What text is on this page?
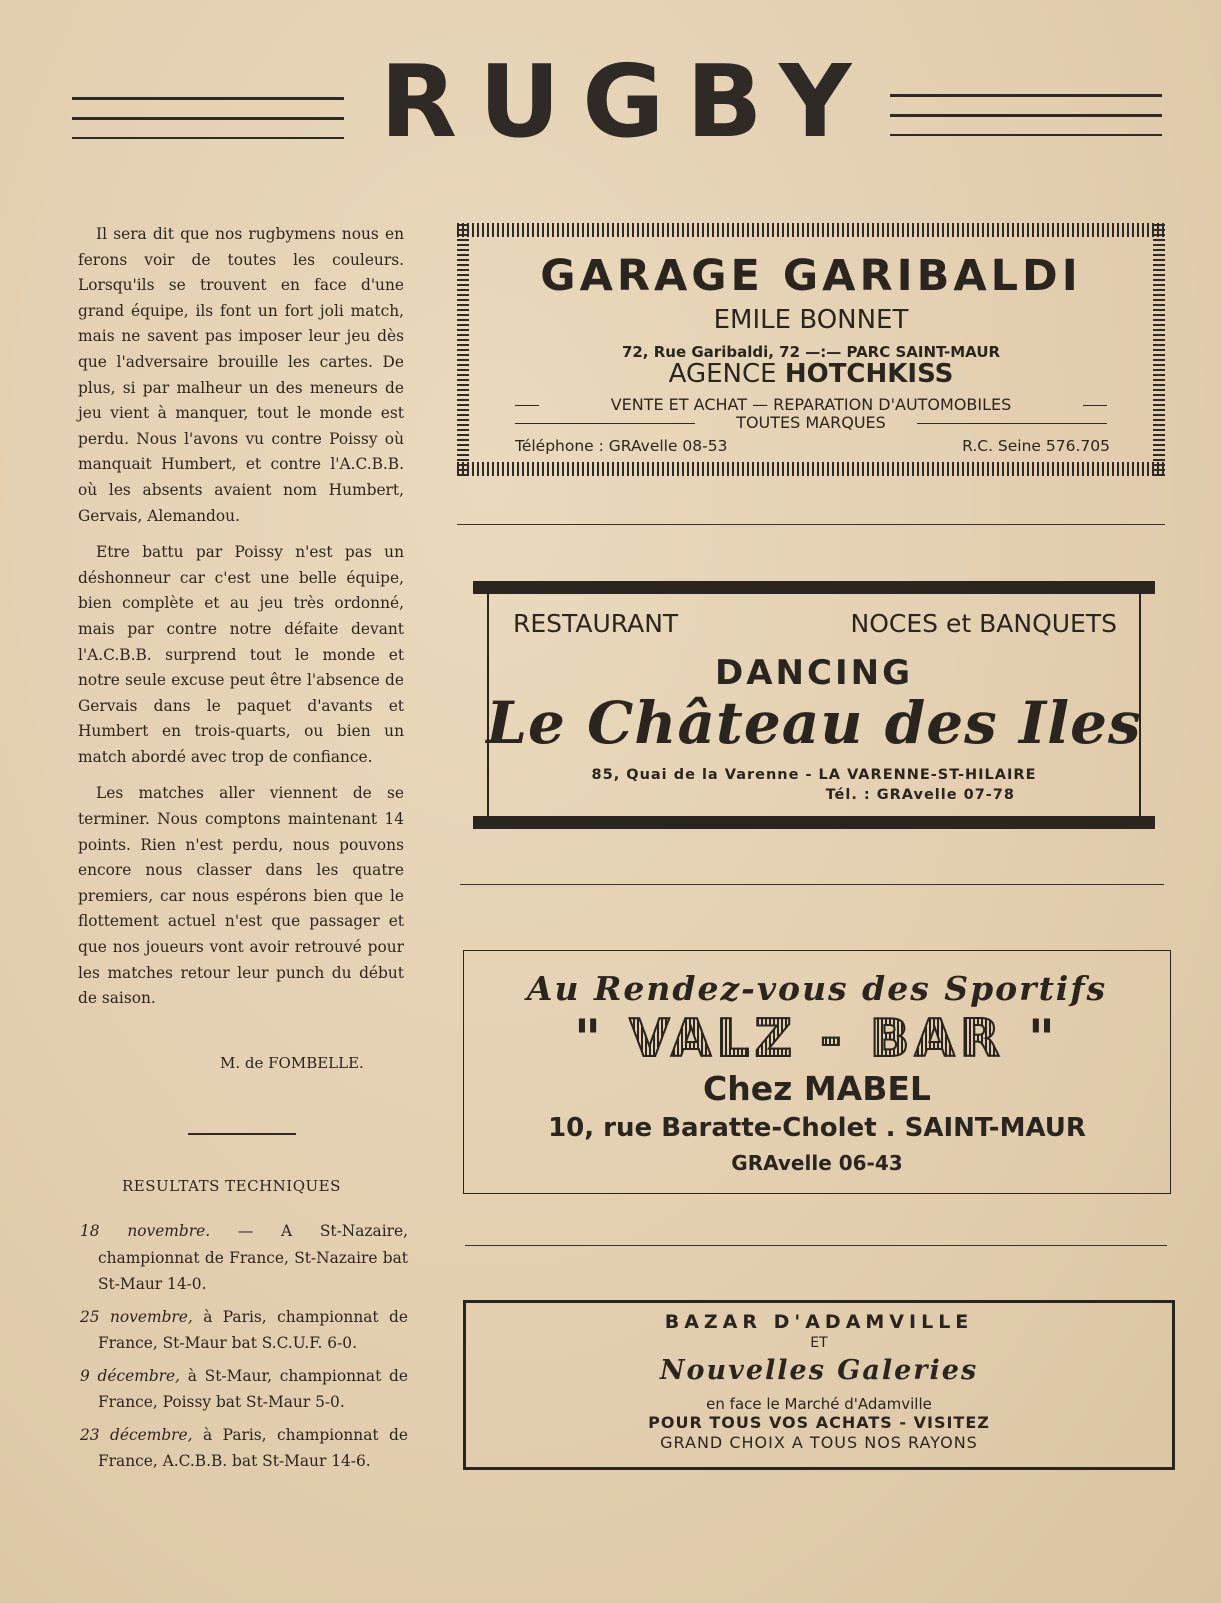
RUGBY

Il sera dit que nos rugbymens nous en ferons voir de toutes les couleurs. Lorsqu'ils se trouvent en face d'une grand équipe, ils font un fort joli match, mais ne savent pas imposer leur jeu dès que l'adversaire brouille les cartes. De plus, si par malheur un des meneurs de jeu vient à manquer, tout le monde est perdu. Nous l'avons vu contre Poissy où manquait Humbert, et contre l'A.C.B.B. où les absents avaient nom Humbert, Gervais, Alemandou.

Etre battu par Poissy n'est pas un déshonneur car c'est une belle équipe, bien complète et au jeu très ordonné, mais par contre notre défaite devant l'A.C.B.B. surprend tout le monde et notre seule excuse peut être l'absence de Gervais dans le paquet d'avants et Humbert en trois-quarts, ou bien un match abordé avec trop de confiance.

Les matches aller viennent de se terminer. Nous comptons maintenant 14 points. Rien n'est perdu, nous pouvons encore nous classer dans les quatre premiers, car nous espérons bien que le flottement actuel n'est que passager et que nos joueurs vont avoir retrouvé pour les matches retour leur punch du début de saison.

M. de FOMBELLE.
RESULTATS TECHNIQUES
18 novembre. — A St-Nazaire, championnat de France, St-Nazaire bat St-Maur 14-0.
25 novembre, à Paris, championnat de France, St-Maur bat S.C.U.F. 6-0.
9 décembre, à St-Maur, championnat de France, Poissy bat St-Maur 5-0.
23 décembre, à Paris, championnat de France, A.C.B.B. bat St-Maur 14-6.
GARAGE GARIBALDI
EMILE BONNET
72, Rue Garibaldi, 72 —:— PARC SAINT-MAUR
AGENCE HOTCHKISS
VENTE ET ACHAT — REPARATION D'AUTOMOBILES
TOUTES MARQUES
Téléphone : GRAvelle 08-53	R.C. Seine 576.705
RESTAURANT	NOCES et BANQUETS
DANCING
Le Château des Iles
85, Quai de la Varenne - LA VARENNE-ST-HILAIRE
Tél. : GRAvelle 07-78
Au Rendez-vous des Sportifs
" VALZ - BAR "
Chez MABEL
10, rue Baratte-Cholet . SAINT-MAUR
GRAvelle 06-43
BAZAR D'ADAMVILLE
ET
Nouvelles Galeries
en face le Marché d'Adamville
POUR TOUS VOS ACHATS - VISITEZ
GRAND CHOIX A TOUS NOS RAYONS
